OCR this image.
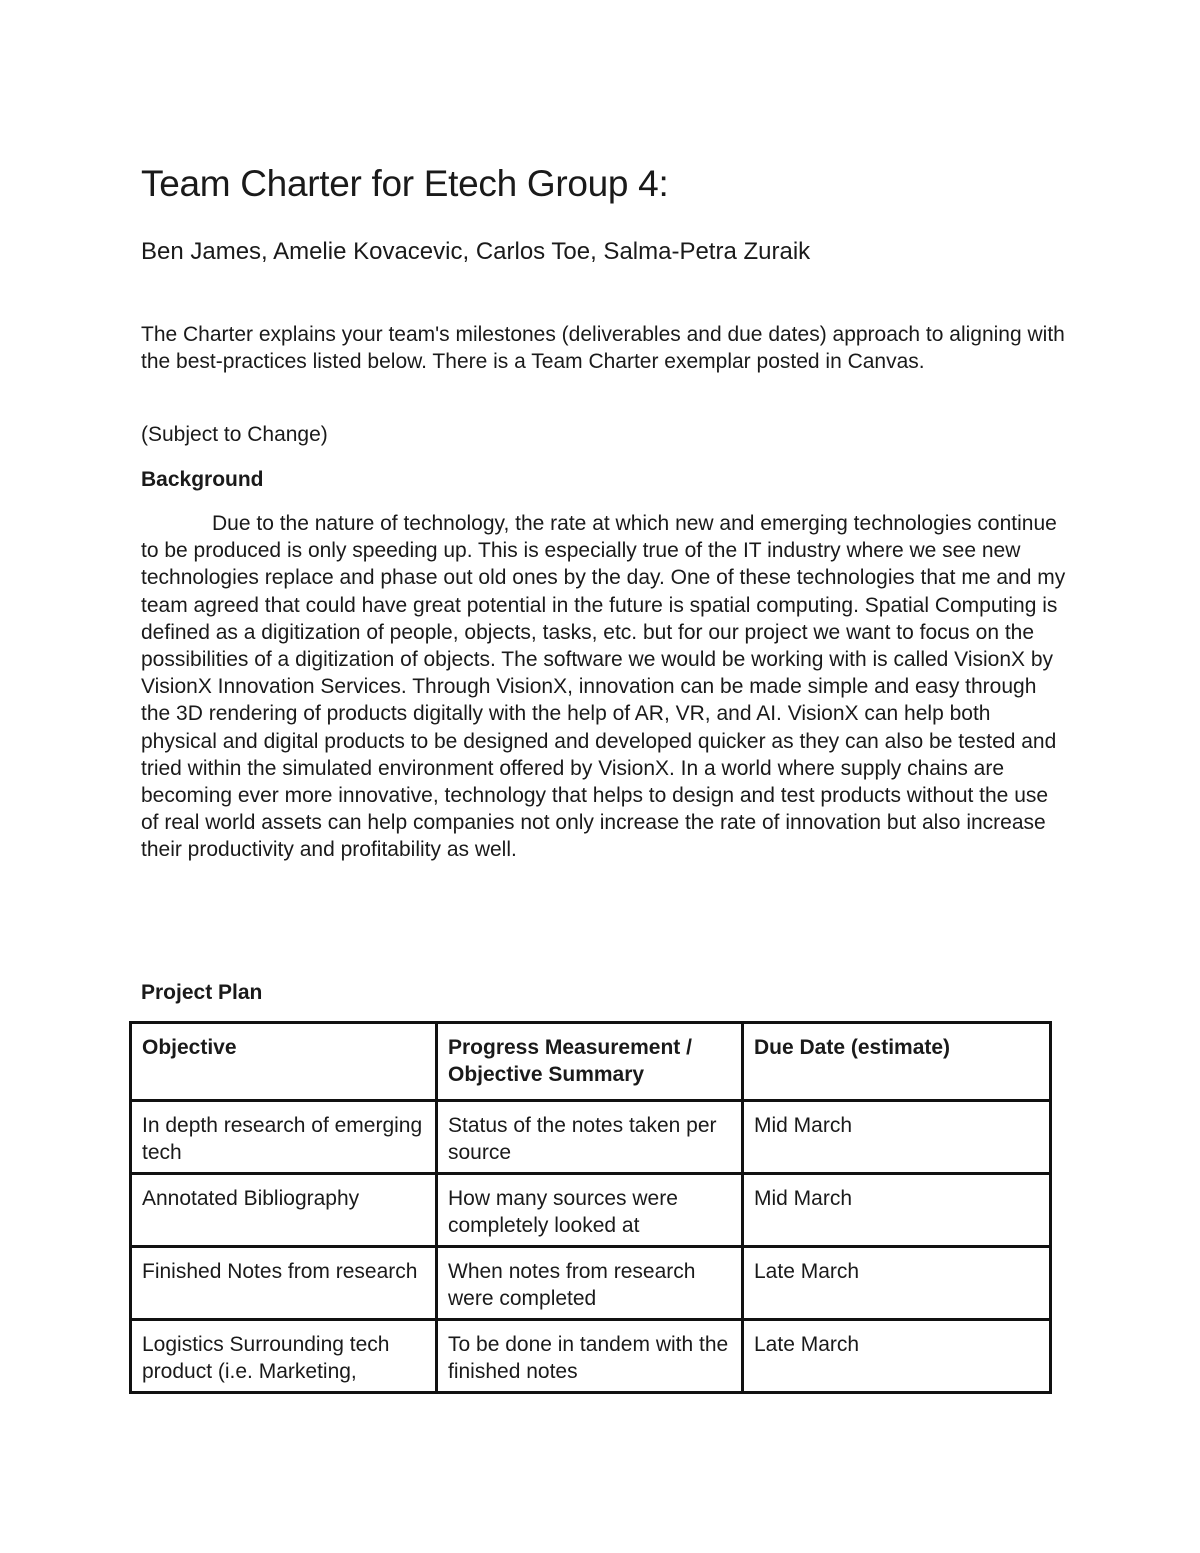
Team Charter for Etech Group 4:
Ben James, Amelie Kovacevic, Carlos Toe, Salma-Petra Zuraik

The Charter explains your team's milestones (deliverables and due dates) approach to aligning with the best-practices listed below. There is a Team Charter exemplar posted in Canvas.

(Subject to Change)

Background

Due to the nature of technology, the rate at which new and emerging technologies continue to be produced is only speeding up. This is especially true of the IT industry where we see new technologies replace and phase out old ones by the day. One of these technologies that me and my team agreed that could have great potential in the future is spatial computing. Spatial Computing is defined as a digitization of people, objects, tasks, etc. but for our project we want to focus on the possibilities of a digitization of objects. The software we would be working with is called VisionX by VisionX Innovation Services. Through VisionX, innovation can be made simple and easy through the 3D rendering of products digitally with the help of AR, VR, and AI. VisionX can help both physical and digital products to be designed and developed quicker as they can also be tested and tried within the simulated environment offered by VisionX. In a world where supply chains are becoming ever more innovative, technology that helps to design and test products without the use of real world assets can help companies not only increase the rate of innovation but also increase their productivity and profitability as well.

Project Plan
Objective	Progress Measurement / Objective Summary	Due Date (estimate)
In depth research of emerging tech	Status of the notes taken per source	Mid March
Annotated Bibliography	How many sources were completely looked at	Mid March
Finished Notes from research	When notes from research were completed	Late March
Logistics Surrounding tech product (i.e. Marketing,	To be done in tandem with the finished notes	Late March
